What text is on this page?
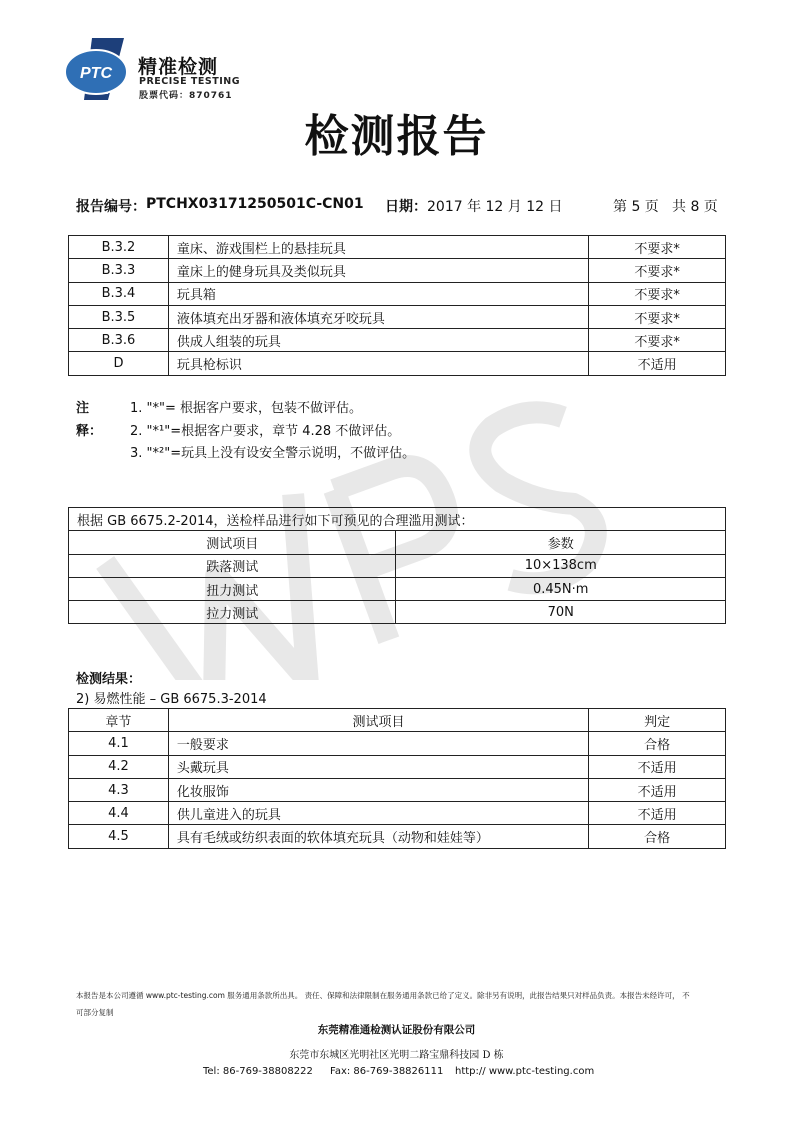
PTC 精准检测
PRECISE TESTING
股票代码：870761
检测报告
报告编号： PTCHX03171250501C-CN01 日期： 2017 年 12 月 12 日	第 5 页 共 8 页
B.3.2	童床、游戏围栏上的悬挂玩具	不要求*
B.3.3	童床上的健身玩具及类似玩具	不要求*
B.3.4	玩具箱	不要求*
B.3.5	液体填充出牙器和液体填充牙咬玩具	不要求*
B.3.6	供成人组装的玩具	不要求*
D	玩具枪标识	不适用
注释：
1. "*"= 根据客户要求，包装不做评估。
2. "*¹"=根据客户要求，章节 4.28 不做评估。
3. "*²"=玩具上没有设安全警示说明，不做评估。
根据 GB 6675.2-2014，送检样品进行如下可预见的合理滥用测试：	
测试项目	参数
跌落测试	10×138cm
扭力测试	0.45N·m
拉力测试	70N
检测结果：
2) 易燃性能 – GB 6675.3-2014
章节	测试项目	判定
4.1	一般要求	合格
4.2	头戴玩具	不适用
4.3	化妆服饰	不适用
4.4	供儿童进入的玩具	不适用
4.5	具有毛绒或纺织表面的软体填充玩具（动物和娃娃等）	合格
本报告是本公司遵循 www.ptc-testing.com 服务通用条款所出具。 责任、保障和法律限制在服务通用条款已给了定义。除非另有说明，此报告结果只对样品负责。本报告未经许可， 不
可部分复制
东莞精准通检测认证股份有限公司
东莞市东城区光明社区光明二路宝鼎科技园 D 栋
Tel: 86-769-38808222 Fax: 86-769-38826111 http:// www.ptc-testing.com
